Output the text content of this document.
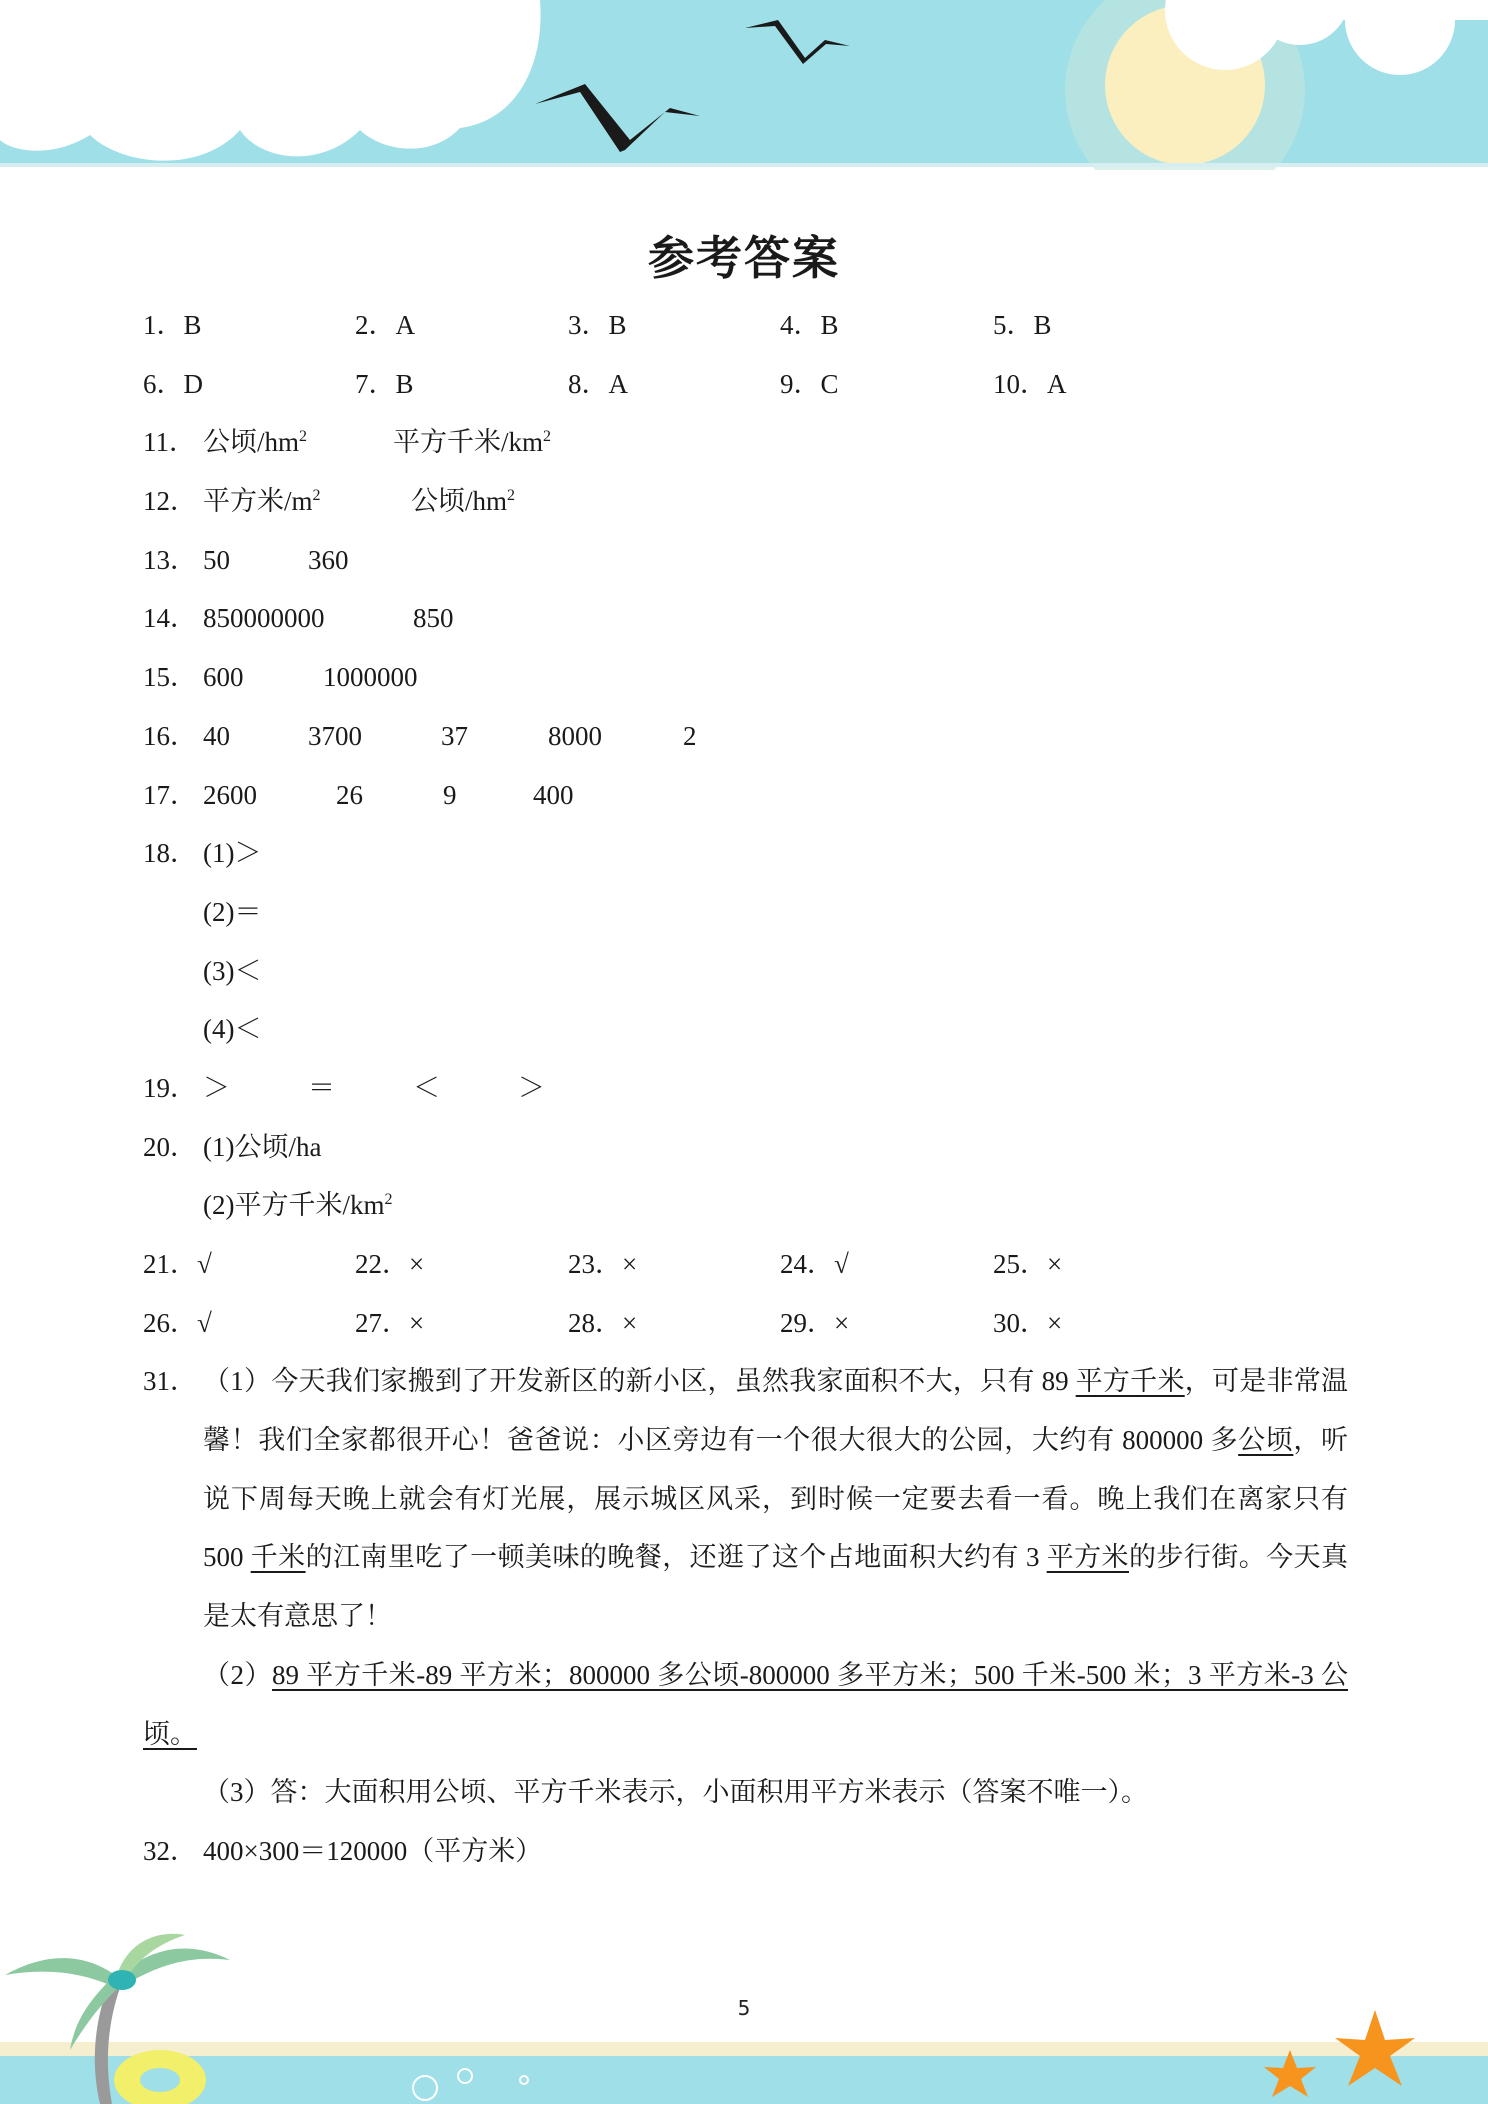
参考答案
1．B	2．A	3．B	4．B	5．B
6．D	7．B	8．A	9．C	10．A
11． 公顷$/hm^2$	平方千米$/km^2$
12． 平方米$/m^2$	公顷$/hm^2$
13． 50	360
14． 850000000	850
15． 600	1000000
16． 40	3700	37	8000	2
17． 2600	26	9	400
18． (1)＞
(2)＝
(3)＜
(4)＜
19． ＞	＝	＜	＞
20． (1)公顷/ha
(2)平方千米$/km^2$
21．√	22．×	23．×	24．√	25．×
26．√	27．×	28．×	29．×	30．×
31． （1）今天我们家搬到了开发新区的新小区，虽然我家面积不大，只有 89 平方千米，可是非常温馨！我们全家都很开心！爸爸说：小区旁边有一个很大很大的公园，大约有 800000 多公顷，听说下周每天晚上就会有灯光展，展示城区风采，到时候一定要去看一看。晚上我们在离家只有 500 千米的江南里吃了一顿美味的晚餐，还逛了这个占地面积大约有 3 平方米的步行街。今天真是太有意思了！
（2）89 平方千米-89 平方米；800000 多公顷-800000 多平方米；500 千米-500 米；3 平方米-3 公顷。
（3）答：大面积用公顷、平方千米表示，小面积用平方米表示（答案不唯一）。
32． 400×300＝120000（平方米）
5
